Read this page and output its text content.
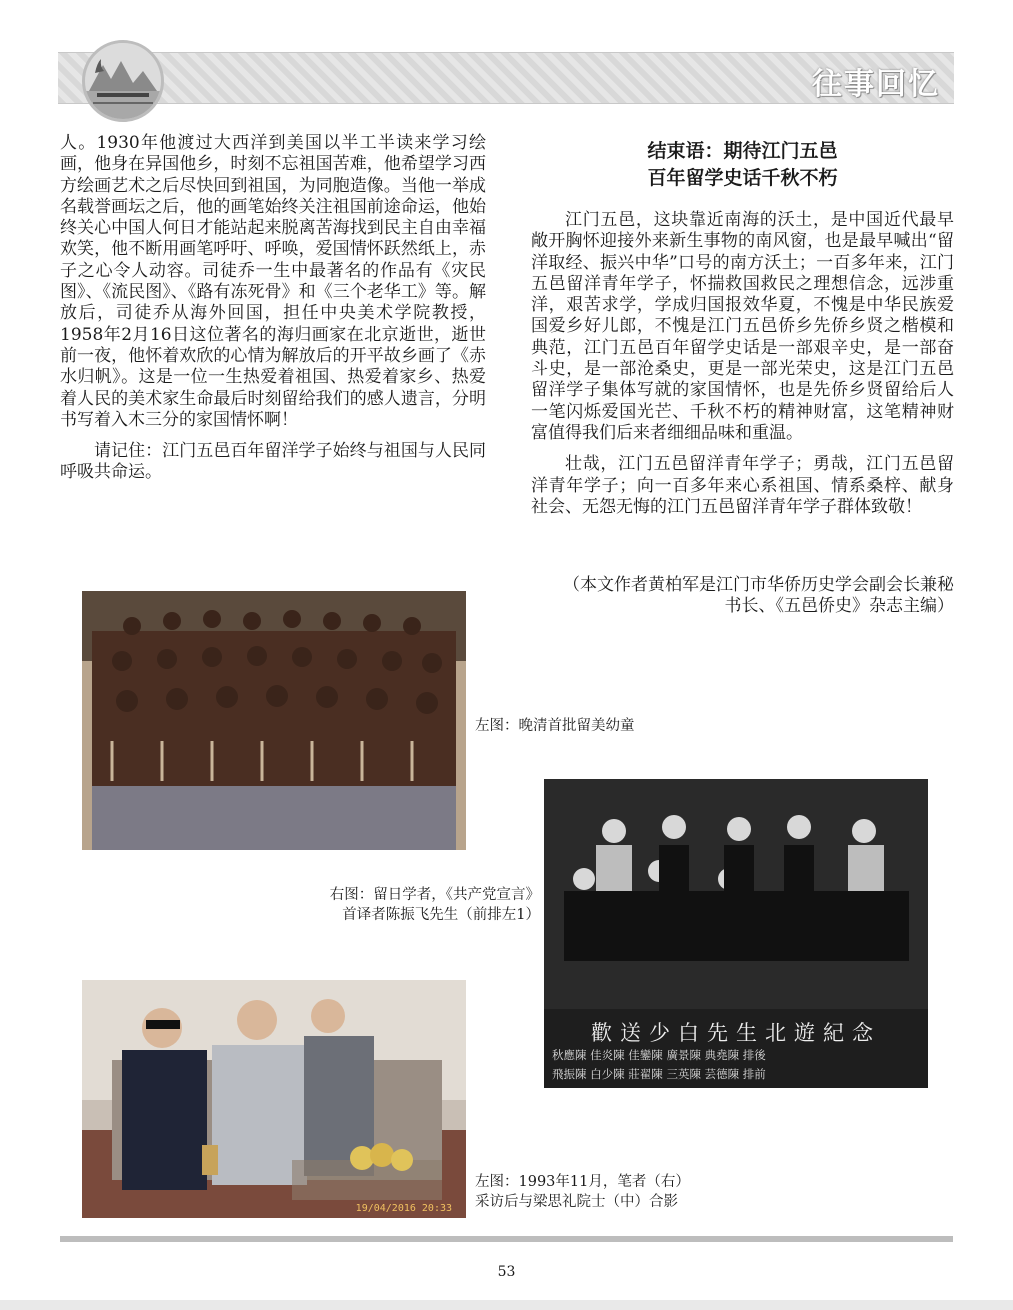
往事回忆

人。1930年他渡过大西洋到美国以半工半读来学习绘画，他身在异国他乡，时刻不忘祖国苦难，他希望学习西方绘画艺术之后尽快回到祖国，为同胞造像。当他一举成名载誉画坛之后，他的画笔始终关注祖国前途命运，他始终关心中国人何日才能站起来脱离苦海找到民主自由幸福欢笑，他不断用画笔呼吁、呼唤，爱国情怀跃然纸上，赤子之心令人动容。司徒乔一生中最著名的作品有《灾民图》、《流民图》、《路有冻死骨》和《三个老华工》等。解放后，司徒乔从海外回国，担任中央美术学院教授，1958年2月16日这位著名的海归画家在北京逝世，逝世前一夜，他怀着欢欣的心情为解放后的开平故乡画了《赤水归帆》。这是一位一生热爱着祖国、热爱着家乡、热爱着人民的美术家生命最后时刻留给我们的感人遗言，分明书写着入木三分的家国情怀啊！

请记住：江门五邑百年留洋学子始终与祖国与人民同呼吸共命运。

结束语：期待江门五邑
百年留学史话千秋不朽

江门五邑，这块靠近南海的沃土，是中国近代最早敞开胸怀迎接外来新生事物的南风窗，也是最早喊出“留洋取经、振兴中华”口号的南方沃土；一百多年来，江门五邑留洋青年学子，怀揣救国救民之理想信念，远涉重洋，艰苦求学，学成归国报效华夏，不愧是中华民族爱国爱乡好儿郎，不愧是江门五邑侨乡先侨乡贤之楷模和典范，江门五邑百年留学史话是一部艰辛史，是一部奋斗史，是一部沧桑史，更是一部光荣史，这是江门五邑留洋学子集体写就的家国情怀，也是先侨乡贤留给后人一笔闪烁爱国光芒、千秋不朽的精神财富，这笔精神财富值得我们后来者细细品味和重温。

壮哉，江门五邑留洋青年学子；勇哉，江门五邑留洋青年学子；向一百多年来心系祖国、情系桑梓、献身社会、无怨无悔的江门五邑留洋青年学子群体致敬！

（本文作者黄柏军是江门市华侨历史学会副会长兼秘书长、《五邑侨史》杂志主编）
左图：晚清首批留美幼童
歡送少白先生北遊紀念
秋應陳 佳炎陳 佳鑾陳 廣景陳 典堯陳 排後
飛振陳 白少陳 莊翟陳 三英陳 芸德陳 排前
右图：留日学者，《共产党宣言》
首译者陈振飞先生（前排左1）
19/04/2016 20:33
左图：1993年11月，笔者（右）
采访后与梁思礼院士（中）合影
53
